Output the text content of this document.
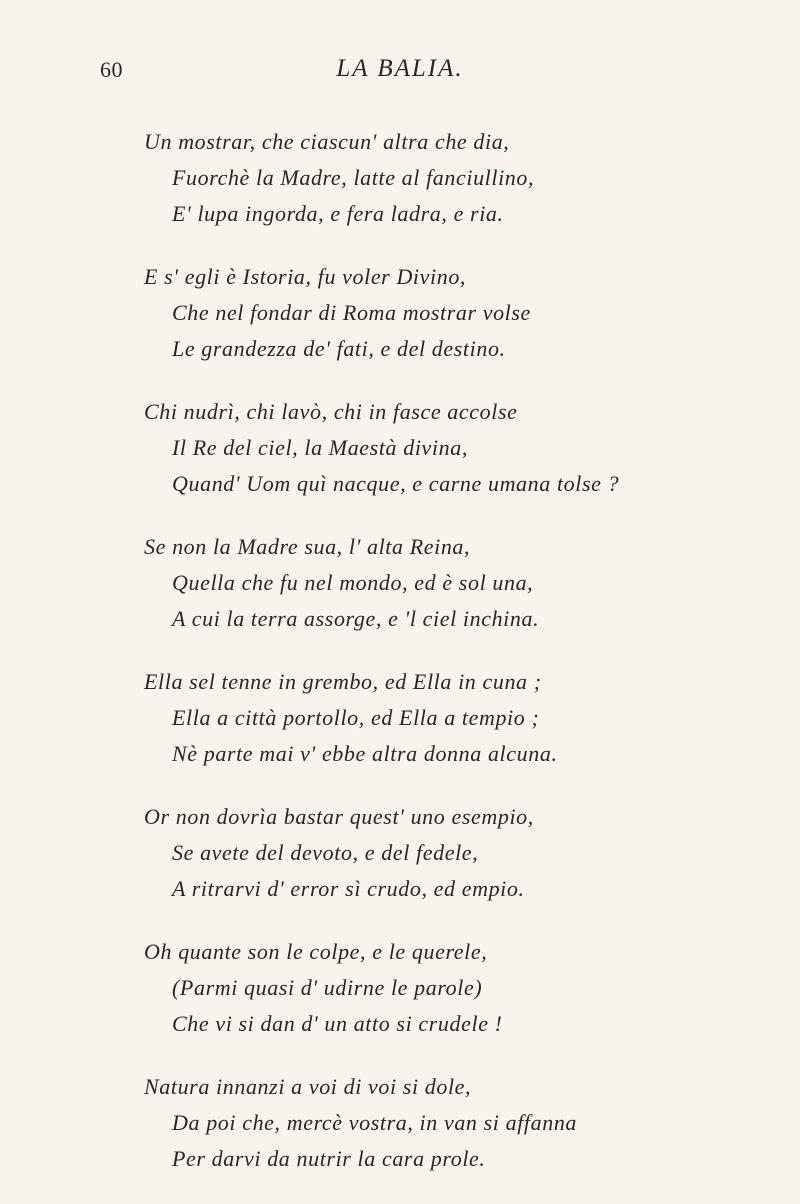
60	LA BALIA.
Un mostrar, che ciascun' altra che dia,
Fuorchè la Madre, latte al fanciullino,
E' lupa ingorda, e fera ladra, e ria.
E s' egli è Istoria, fu voler Divino,
Che nel fondar di Roma mostrar volse
Le grandezza de' fati, e del destino.
Chi nudrì, chi lavò, chi in fasce accolse
Il Re del ciel, la Maestà divina,
Quand' Uom quì nacque, e carne umana tolse ?
Se non la Madre sua, l' alta Reina,
Quella che fu nel mondo, ed è sol una,
A cui la terra assorge, e 'l ciel inchina.
Ella sel tenne in grembo, ed Ella in cuna ;
Ella a città portollo, ed Ella a tempio ;
Nè parte mai v' ebbe altra donna alcuna.
Or non dovrìa bastar quest' uno esempio,
Se avete del devoto, e del fedele,
A ritrarvi d' error sì crudo, ed empio.
Oh quante son le colpe, e le querele,
(Parmi quasi d' udirne le parole)
Che vi si dan d' un atto si crudele !
Natura innanzi a voi di voi si dole,
Da poi che, mercè vostra, in van si affanna
Per darvi da nutrir la cara prole.
